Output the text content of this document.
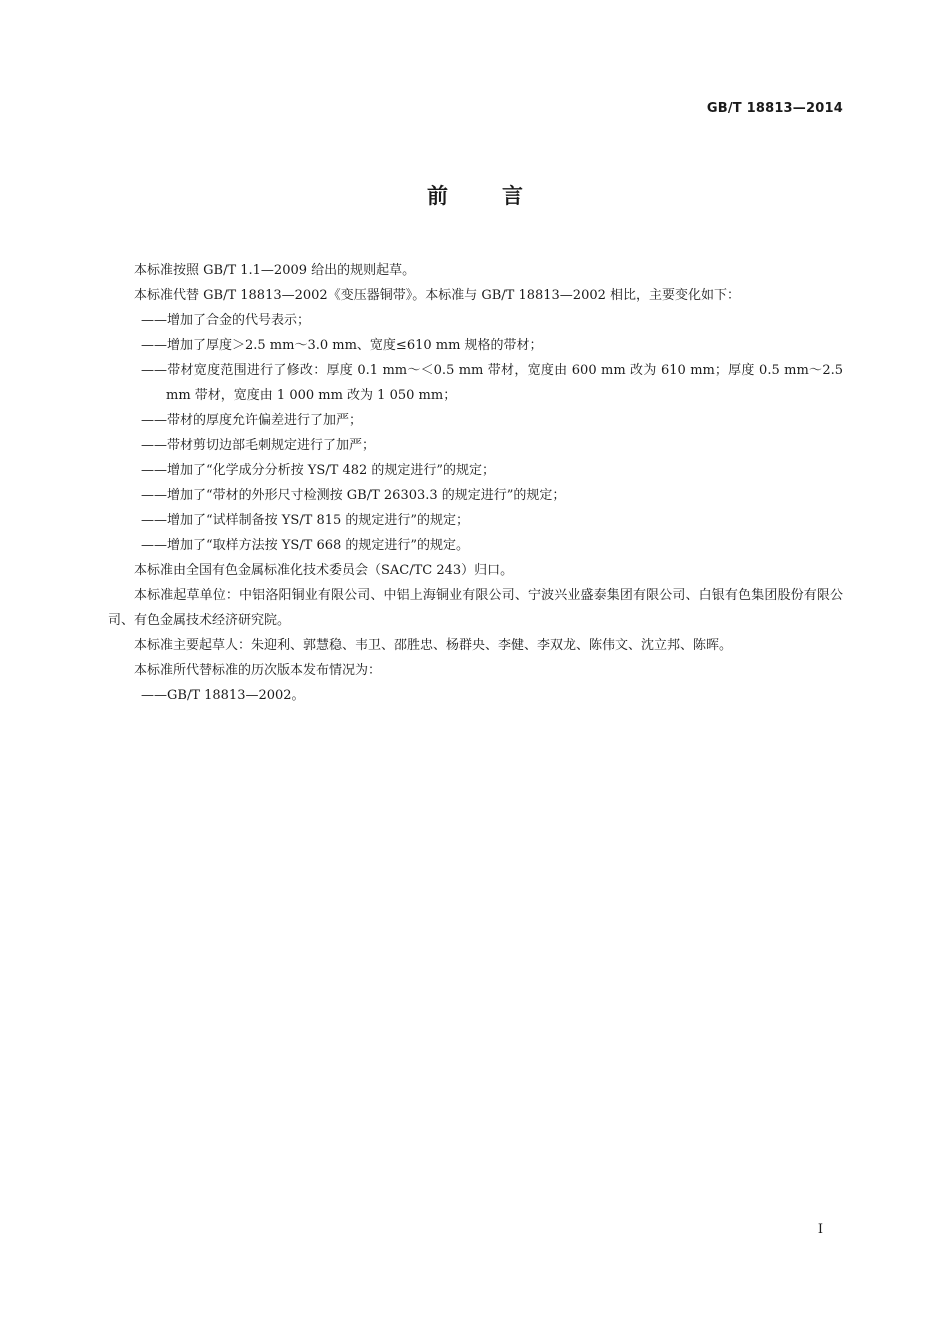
GB/T 18813—2014
前言

本标准按照 GB/T 1.1—2009 给出的规则起草。

本标准代替 GB/T 18813—2002《变压器铜带》。本标准与 GB/T 18813—2002 相比，主要变化如下：

——增加了合金的代号表示；

——增加了厚度＞2.5 mm～3.0 mm、宽度≤610 mm 规格的带材；

——带材宽度范围进行了修改：厚度 0.1 mm～＜0.5 mm 带材，宽度由 600 mm 改为 610 mm；厚度 0.5 mm～2.5 mm 带材，宽度由 1 000 mm 改为 1 050 mm；

——带材的厚度允许偏差进行了加严；

——带材剪切边部毛刺规定进行了加严；

——增加了“化学成分分析按 YS/T 482 的规定进行”的规定；

——增加了“带材的外形尺寸检测按 GB/T 26303.3 的规定进行”的规定；

——增加了“试样制备按 YS/T 815 的规定进行”的规定；

——增加了“取样方法按 YS/T 668 的规定进行”的规定。

本标准由全国有色金属标准化技术委员会（SAC/TC 243）归口。

本标准起草单位：中铝洛阳铜业有限公司、中铝上海铜业有限公司、宁波兴业盛泰集团有限公司、白银有色集团股份有限公司、有色金属技术经济研究院。

本标准主要起草人：朱迎利、郭慧稳、韦卫、邵胜忠、杨群央、李健、李双龙、陈伟文、沈立邦、陈晖。

本标准所代替标准的历次版本发布情况为：

——GB/T 18813—2002。

I
